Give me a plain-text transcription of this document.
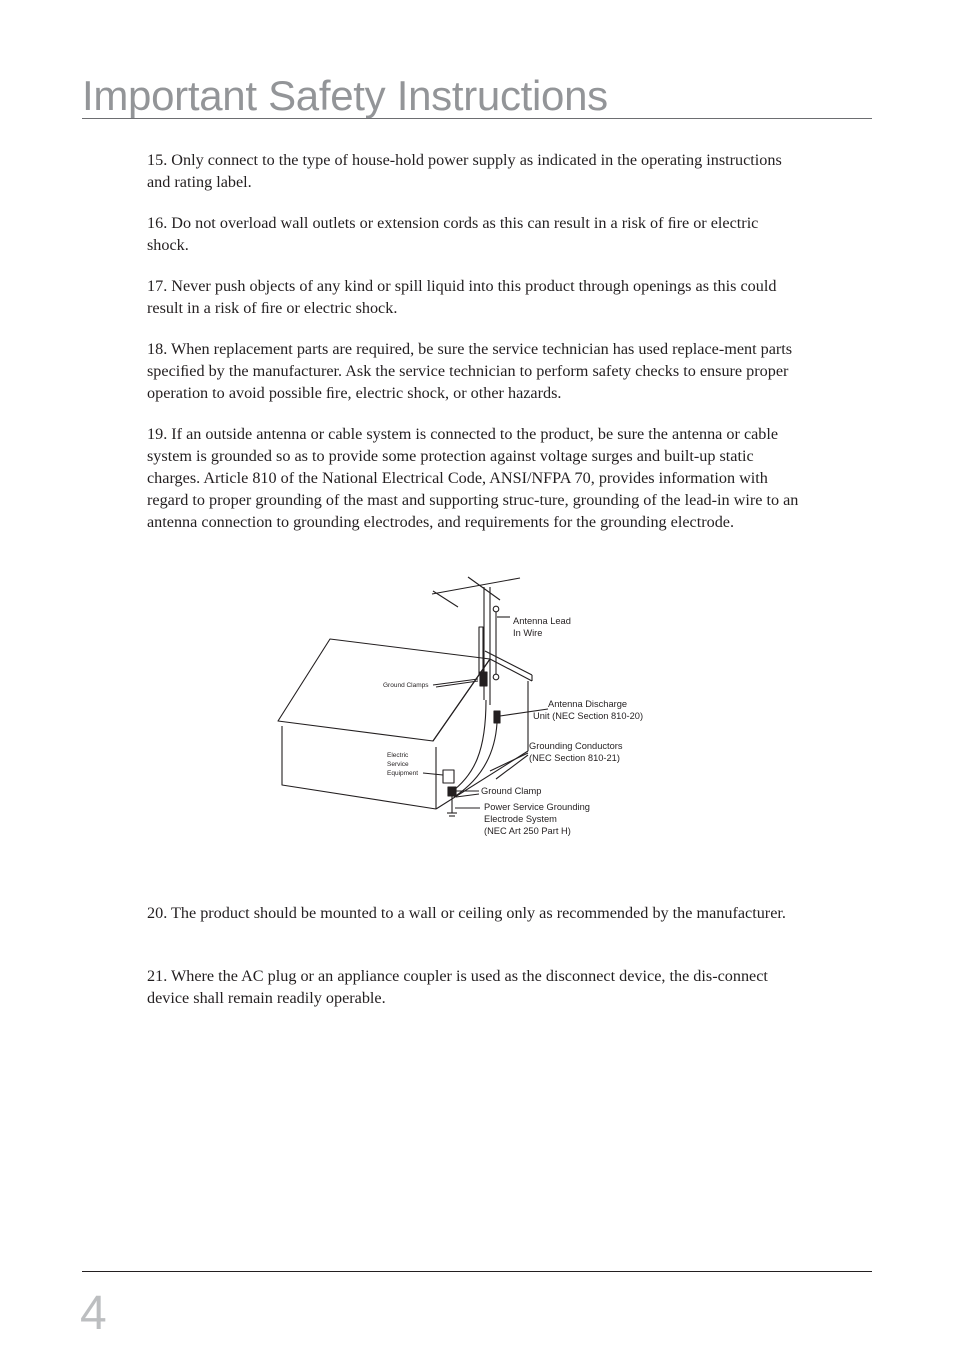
Important Safety Instructions

15. Only connect to the type of house-hold power supply as indicated in the operating instructions and rating label.

16. Do not overload wall outlets or extension cords as this can result in a risk of ﬁre or electric shock.

17. Never push objects of any kind or spill liquid into this product through openings as this could result in a risk of ﬁre or electric shock.

18. When replacement parts are required, be sure the service technician has used replace-ment parts speciﬁed by the manufacturer. Ask the service technician to perform safety checks to ensure proper operation to avoid possible ﬁre, electric shock, or other hazards.

19. If an outside antenna or cable system is connected to the product, be sure the antenna or cable system is grounded so as to provide some protection against voltage surges and built-up static charges. Article 810 of the National Electrical Code, ANSI/NFPA 70, provides information with regard to proper grounding of the mast and supporting struc-ture, grounding of the lead-in wire to an antenna connection to grounding electrodes, and requirements for the grounding electrode.

Antenna Lead
In Wire
Antenna Discharge
Unit (NEC Section 810-20)
Grounding Conductors
(NEC Section 810-21)
Ground Clamp
Power Service Grounding
Electrode System
(NEC Art 250 Part H)
Ground Clamps
Electric
Service
Equipment

20. The product should be mounted to a wall or ceiling only as recommended by the manufacturer.

21. Where the AC plug or an appliance coupler is used as the disconnect device, the dis-connect device shall remain readily operable.

4
